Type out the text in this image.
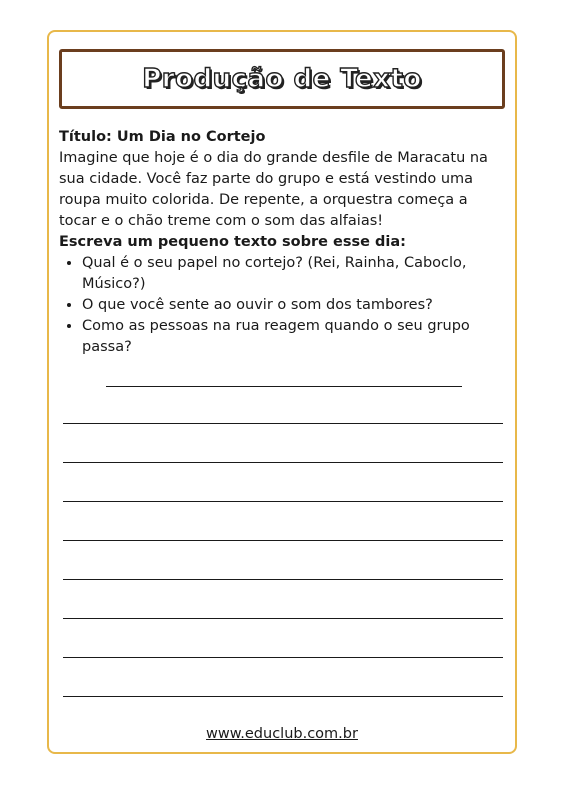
Produção de Texto

Título: Um Dia no Cortejo

Imagine que hoje é o dia do grande desfile de Maracatu na sua cidade. Você faz parte do grupo e está vestindo uma roupa muito colorida. De repente, a orquestra começa a tocar e o chão treme com o som das alfaias!

Escreva um pequeno texto sobre esse dia:

• Qual é o seu papel no cortejo? (Rei, Rainha, Caboclo, Músico?)
• O que você sente ao ouvir o som dos tambores?
• Como as pessoas na rua reagem quando o seu grupo passa?
www.educlub.com.br
